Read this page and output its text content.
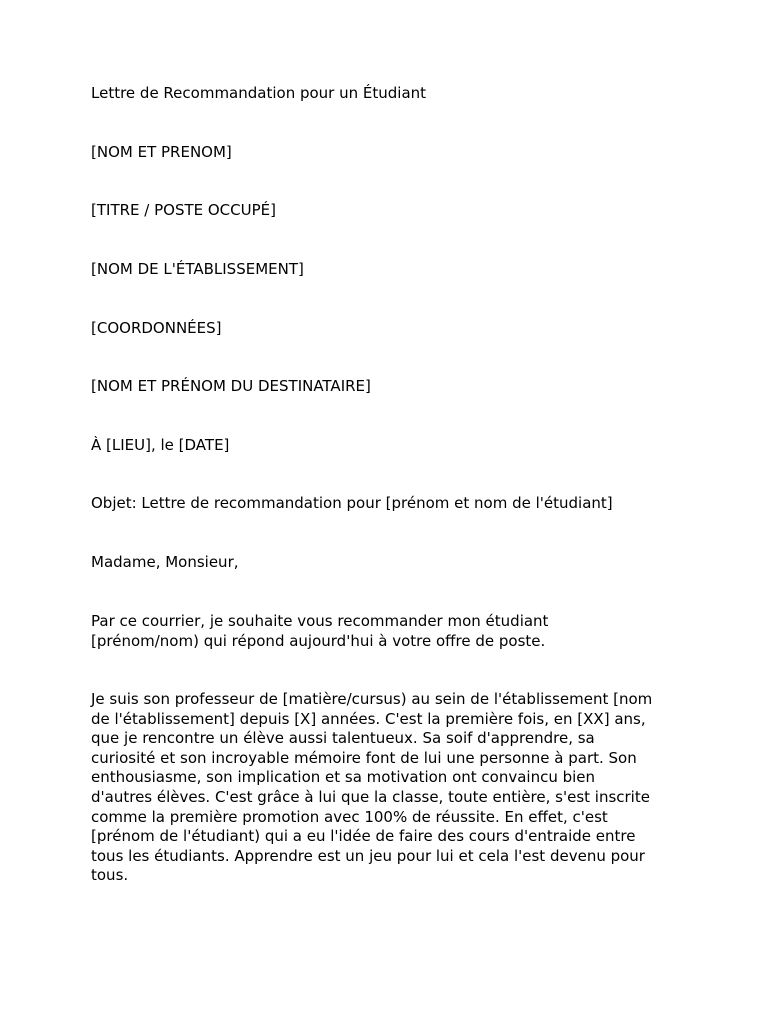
Lettre de Recommandation pour un Étudiant

[NOM ET PRENOM]

[TITRE / POSTE OCCUPÉ]

[NOM DE L'ÉTABLISSEMENT]

[COORDONNÉES]

[NOM ET PRÉNOM DU DESTINATAIRE]

À [LIEU], le [DATE]

Objet: Lettre de recommandation pour [prénom et nom de l'étudiant]

Madame, Monsieur,

Par ce courrier, je souhaite vous recommander mon étudiant
[prénom/nom) qui répond aujourd'hui à votre offre de poste.
Je suis son professeur de [matière/cursus) au sein de l'établissement [nom
de l'établissement] depuis [X] années. C'est la première fois, en [XX] ans,
que je rencontre un élève aussi talentueux. Sa soif d'apprendre, sa
curiosité et son incroyable mémoire font de lui une personne à part. Son
enthousiasme, son implication et sa motivation ont convaincu bien
d'autres élèves. C'est grâce à lui que la classe, toute entière, s'est inscrite
comme la première promotion avec 100% de réussite. En effet, c'est
[prénom de l'étudiant) qui a eu l'idée de faire des cours d'entraide entre
tous les étudiants. Apprendre est un jeu pour lui et cela l'est devenu pour
tous.
